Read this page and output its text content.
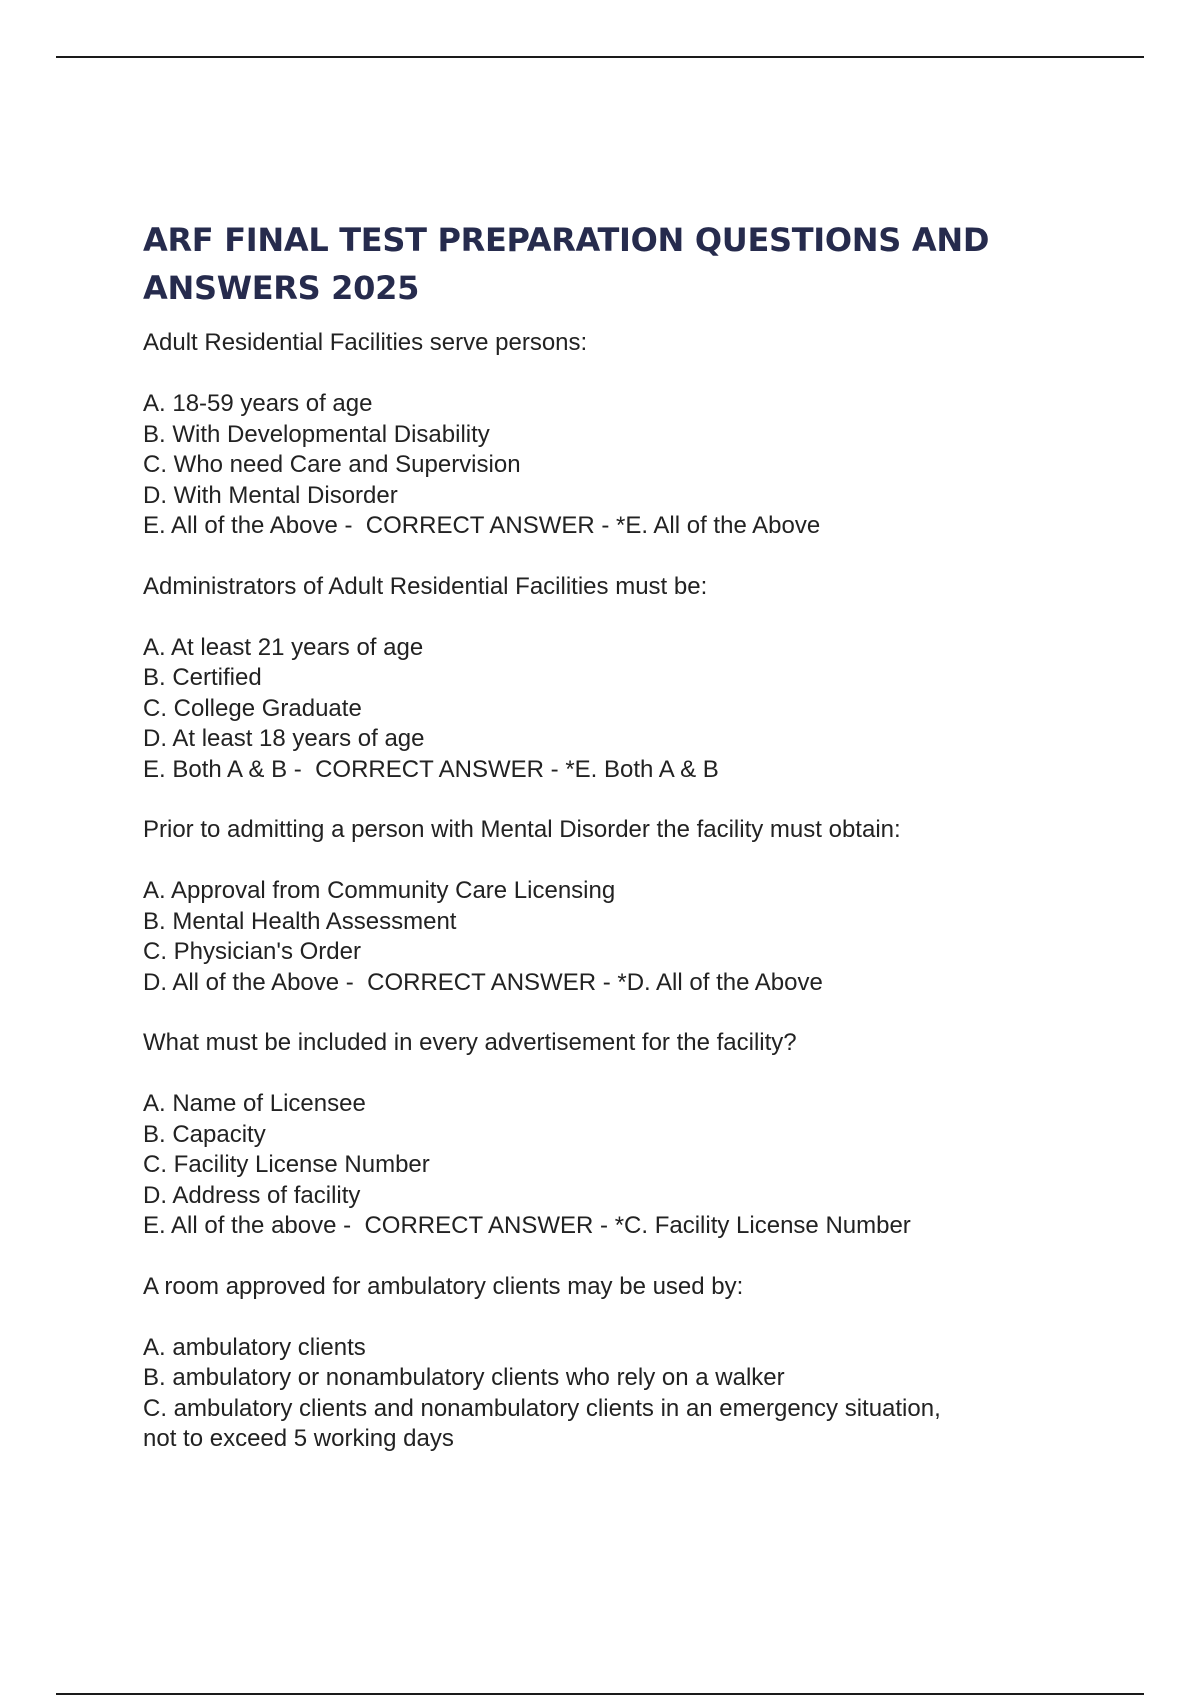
ARF FINAL TEST PREPARATION QUESTIONS AND
ANSWERS 2025
Adult Residential Facilities serve persons:
A. 18-59 years of age
B. With Developmental Disability
C. Who need Care and Supervision
D. With Mental Disorder
E. All of the Above -  CORRECT ANSWER - *E. All of the Above
Administrators of Adult Residential Facilities must be:
A. At least 21 years of age
B. Certified
C. College Graduate
D. At least 18 years of age
E. Both A & B -  CORRECT ANSWER - *E. Both A & B
Prior to admitting a person with Mental Disorder the facility must obtain:
A. Approval from Community Care Licensing
B. Mental Health Assessment
C. Physician's Order
D. All of the Above -  CORRECT ANSWER - *D. All of the Above
What must be included in every advertisement for the facility?
A. Name of Licensee
B. Capacity
C. Facility License Number
D. Address of facility
E. All of the above -  CORRECT ANSWER - *C. Facility License Number
A room approved for ambulatory clients may be used by:
A. ambulatory clients
B. ambulatory or nonambulatory clients who rely on a walker
C. ambulatory clients and nonambulatory clients in an emergency situation,
not to exceed 5 working days
